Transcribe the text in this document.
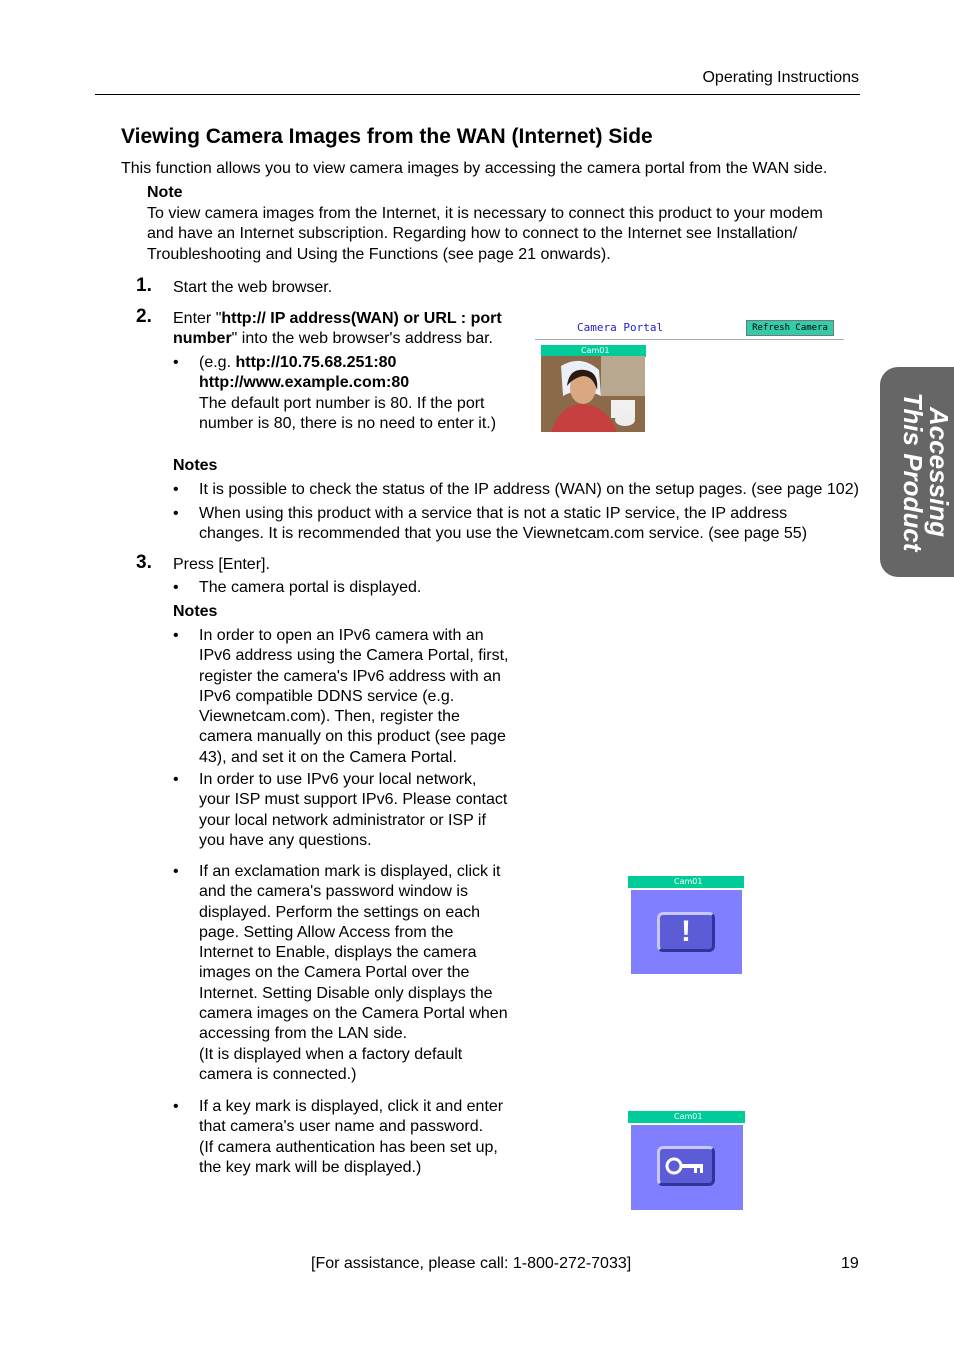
Operating Instructions
Accessing
This Product
Viewing Camera Images from the WAN (Internet) Side
This function allows you to view camera images by accessing the camera portal from the WAN side.
Note
To view camera images from the Internet, it is necessary to connect this product to your modem
and have an Internet subscription. Regarding how to connect to the Internet see Installation/
Troubleshooting and Using the Functions (see page 21 onwards).
1. Start the web browser.
2. Enter "http:// IP address(WAN) or URL : port
number" into the web browser's address bar.
• (e.g. http://10.75.68.251:80
http://www.example.com:80
The default port number is 80. If the port
number is 80, there is no need to enter it.)
Camera Portal	Refresh Camera
Cam01
Notes
• It is possible to check the status of the IP address (WAN) on the setup pages. (see page 102)
• When using this product with a service that is not a static IP service, the IP address
changes. It is recommended that you use the Viewnetcam.com service. (see page 55)
3. Press [Enter].
• The camera portal is displayed.
Notes
• In order to open an IPv6 camera with an
IPv6 address using the Camera Portal, first,
register the camera's IPv6 address with an
IPv6 compatible DDNS service (e.g.
Viewnetcam.com). Then, register the
camera manually on this product (see page
43), and set it on the Camera Portal.
• In order to use IPv6 your local network,
your ISP must support IPv6. Please contact
your local network administrator or ISP if
you have any questions.
• If an exclamation mark is displayed, click it
and the camera's password window is
displayed. Perform the settings on each
page. Setting Allow Access from the
Internet to Enable, displays the camera
images on the Camera Portal over the
Internet. Setting Disable only displays the
camera images on the Camera Portal when
accessing from the LAN side.
(It is displayed when a factory default
camera is connected.)
• If a key mark is displayed, click it and enter
that camera's user name and password.
(If camera authentication has been set up,
the key mark will be displayed.)
Cam01
!
Cam01
[For assistance, please call: 1-800-272-7033]	19
